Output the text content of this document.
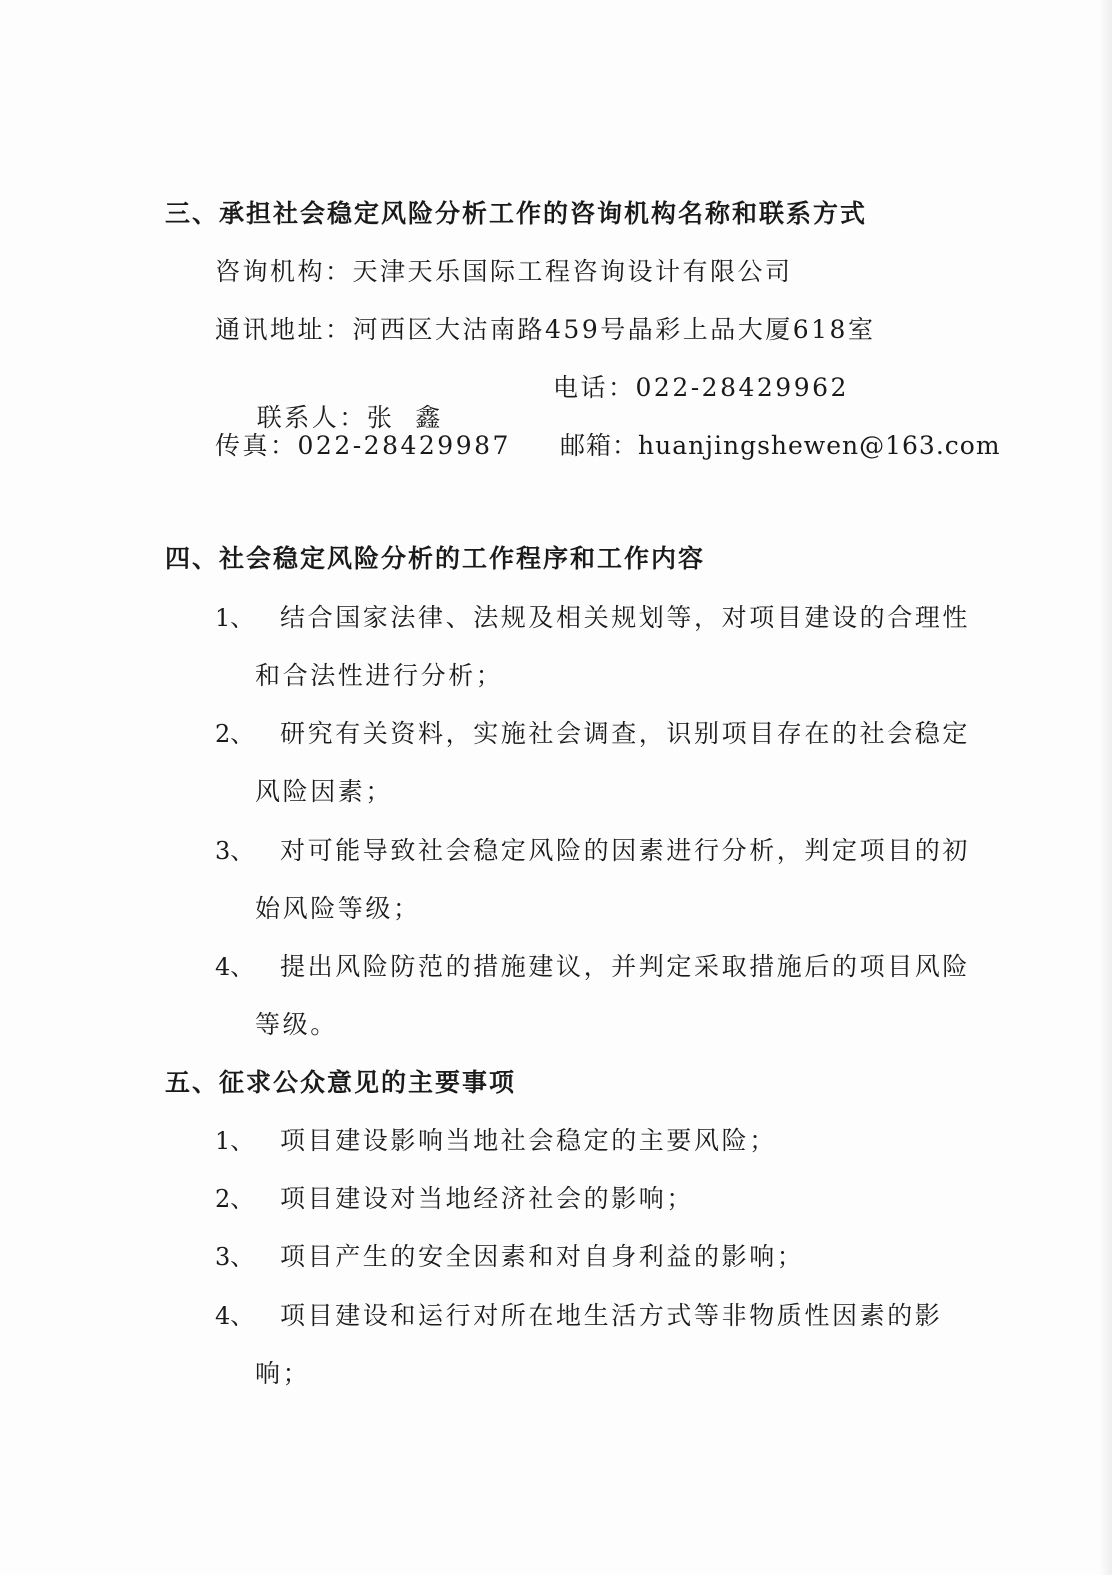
三、承担社会稳定风险分析工作的咨询机构名称和联系方式
咨询机构：天津天乐国际工程咨询设计有限公司
通讯地址：河西区大沽南路459号晶彩上品大厦618室

联系人：张  鑫

电话：022-28429962
传真：022-28429987 邮箱：huanjingshewen@163.com
四、社会稳定风险分析的工作程序和工作内容
1、 结合国家法律、法规及相关规划等，对项目建设的合理性
和合法性进行分析；
2、 研究有关资料，实施社会调查，识别项目存在的社会稳定
风险因素；
3、 对可能导致社会稳定风险的因素进行分析，判定项目的初
始风险等级；
4、 提出风险防范的措施建议，并判定采取措施后的项目风险
等级。
五、征求公众意见的主要事项
1、 项目建设影响当地社会稳定的主要风险；
2、 项目建设对当地经济社会的影响；
3、 项目产生的安全因素和对自身利益的影响；
4、 项目建设和运行对所在地生活方式等非物质性因素的影
响；
